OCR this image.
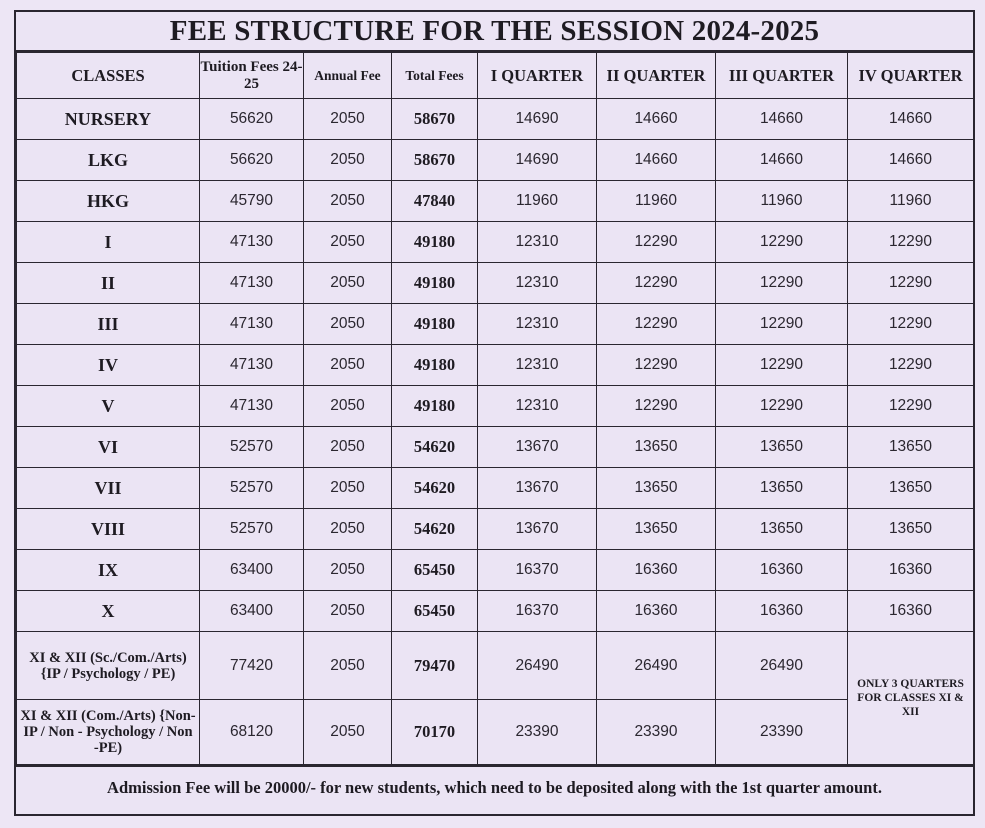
FEE STRUCTURE FOR THE SESSION 2024-2025
CLASSES	Tuition Fees 24-25	Annual Fee	Total Fees	I QUARTER	II QUARTER	III QUARTER	IV QUARTER
NURSERY	56620	2050	58670	14690	14660	14660	14660
LKG	56620	2050	58670	14690	14660	14660	14660
HKG	45790	2050	47840	11960	11960	11960	11960
I	47130	2050	49180	12310	12290	12290	12290
II	47130	2050	49180	12310	12290	12290	12290
III	47130	2050	49180	12310	12290	12290	12290
IV	47130	2050	49180	12310	12290	12290	12290
V	47130	2050	49180	12310	12290	12290	12290
VI	52570	2050	54620	13670	13650	13650	13650
VII	52570	2050	54620	13670	13650	13650	13650
VIII	52570	2050	54620	13670	13650	13650	13650
IX	63400	2050	65450	16370	16360	16360	16360
X	63400	2050	65450	16370	16360	16360	16360
XI & XII (Sc./Com./Arts) {IP / Psychology / PE)	77420	2050	79470	26490	26490	26490	ONLY 3 QUARTERS FOR CLASSES XI & XII
XI & XII (Com./Arts) {Non- IP / Non - Psychology / Non -PE)	68120	2050	70170	23390	23390	23390	
Admission Fee will be 20000/- for new students, which need to be deposited along with the 1st quarter amount.
